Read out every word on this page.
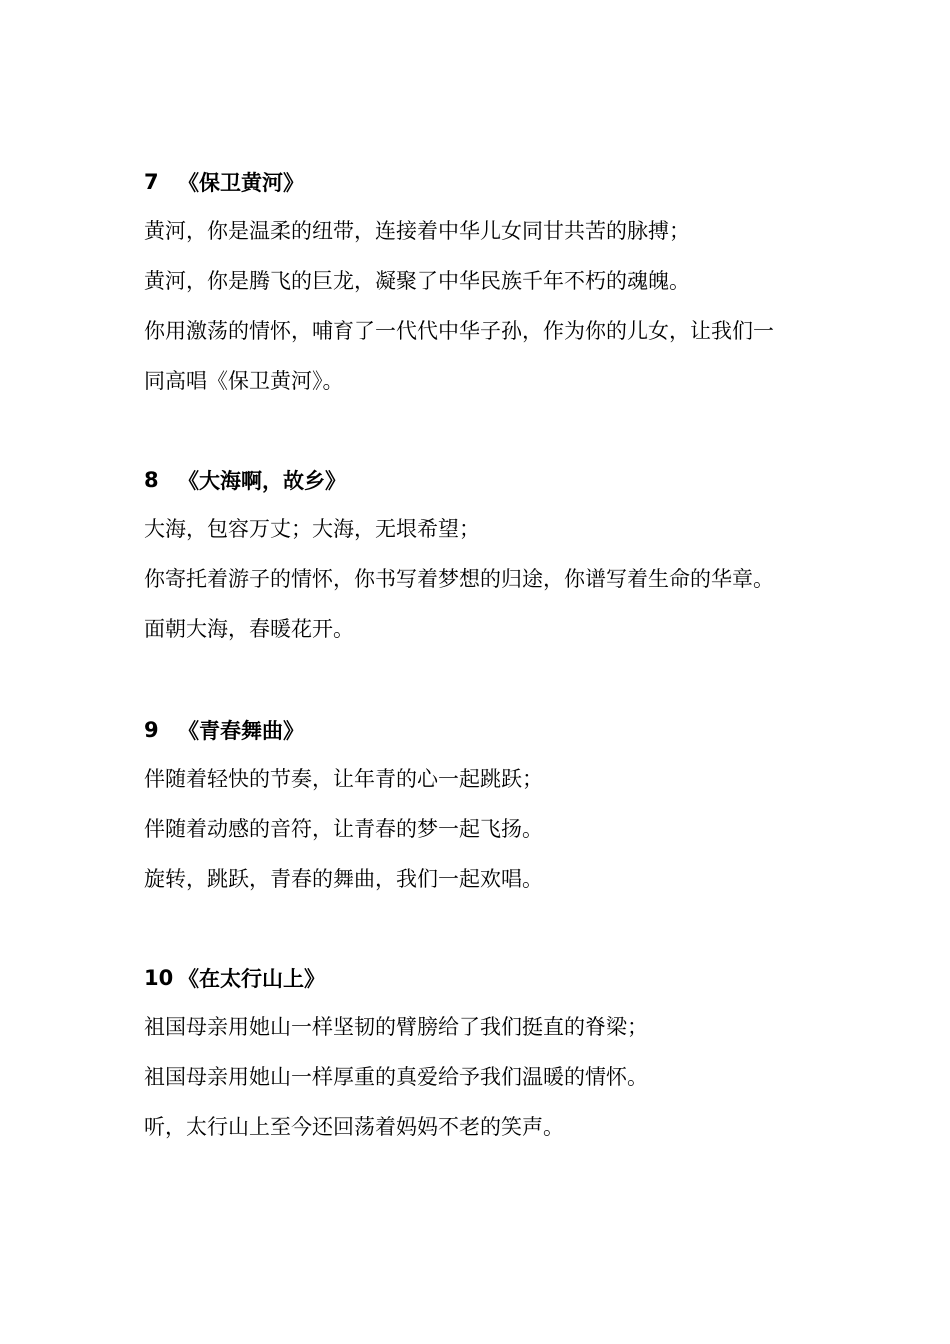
7 《保卫黄河》
黄河，你是温柔的纽带，连接着中华儿女同甘共苦的脉搏；
黄河，你是腾飞的巨龙，凝聚了中华民族千年不朽的魂魄。
你用激荡的情怀，哺育了一代代中华子孙，作为你的儿女，让我们一
同高唱《保卫黄河》。
8 《大海啊，故乡》
大海，包容万丈；大海，无垠希望；
你寄托着游子的情怀，你书写着梦想的归途，你谱写着生命的华章。
面朝大海，春暖花开。
9 《青春舞曲》
伴随着轻快的节奏，让年青的心一起跳跃；
伴随着动感的音符，让青春的梦一起飞扬。
旋转，跳跃，青春的舞曲，我们一起欢唱。
10 《在太行山上》
祖国母亲用她山一样坚韧的臂膀给了我们挺直的脊梁；
祖国母亲用她山一样厚重的真爱给予我们温暖的情怀。
听，太行山上至今还回荡着妈妈不老的笑声。
